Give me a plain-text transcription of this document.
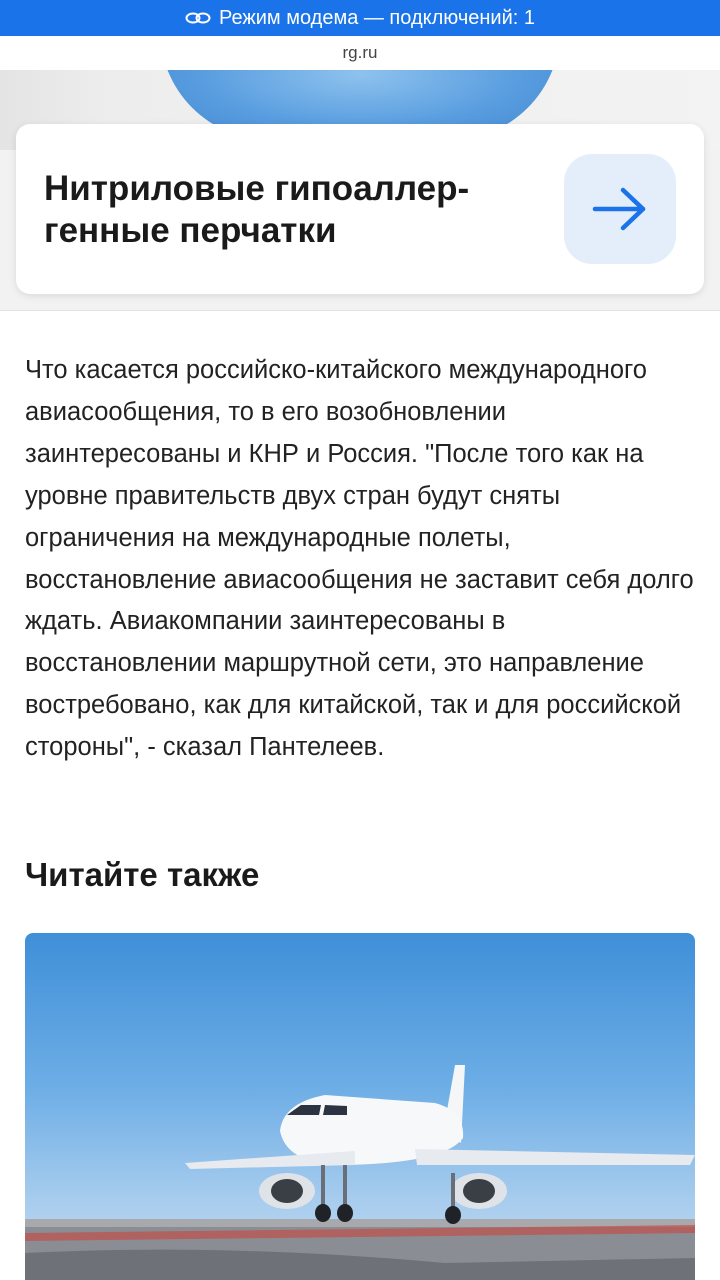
Режим модема — подключений: 1
rg.ru
Нитриловые гипоаллер-
генные перчатки

Что касается российско-китайского международного авиасообщения, то в его возобновлении заинтересованы и КНР и Россия. "После того как на уровне правительств двух стран будут сняты ограничения на международные полеты, восстановление авиасообщения не заставит себя долго ждать. Авиакомпании заинтересованы в восстановлении маршрутной сети, это направление востребовано, как для китайской, так и для российской стороны", - сказал Пантелеев.

Читайте также
